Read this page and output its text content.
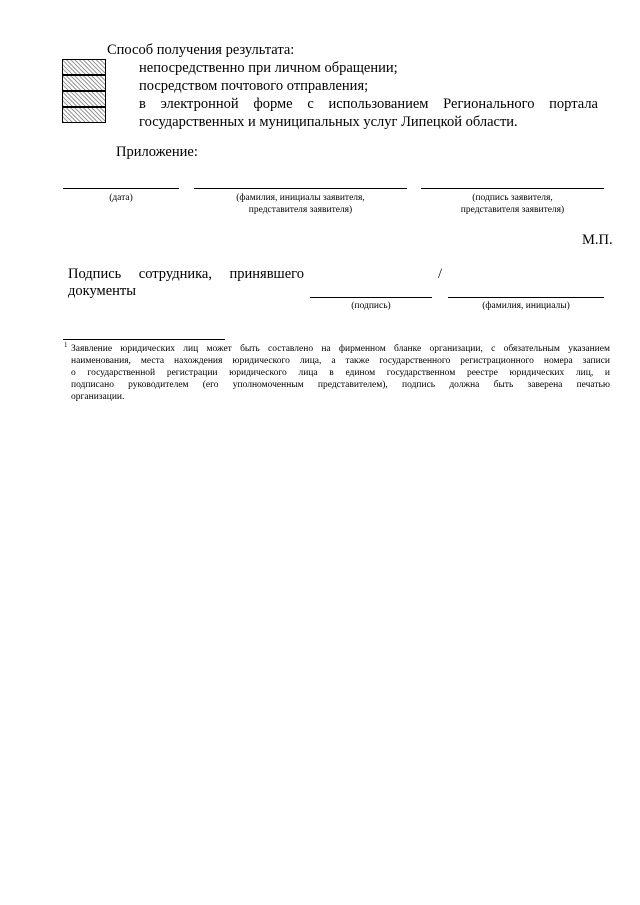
Способ получения результата:
непосредственно при личном обращении;
посредством почтового отправления;
в электронной форме с использованием Регионального портала
государственных и муниципальных услуг Липецкой области.
Приложение:
(дата)	(фамилия, инициалы заявителя,
представителя заявителя)
(подпись заявителя,
представителя заявителя)
М.П.
Подпись сотрудника, принявшего
документы
/
(подпись)	(фамилия, инициалы)
1 Заявление юридических лиц может быть составлено на фирменном бланке организации, с обязательным указанием
наименования, места нахождения юридического лица, а также государственного регистрационного номера записи
о государственной регистрации юридического лица в едином государственном реестре юридических лиц, и
подписано руководителем (его уполномоченным представителем), подпись должна быть заверена печатью
организации.
